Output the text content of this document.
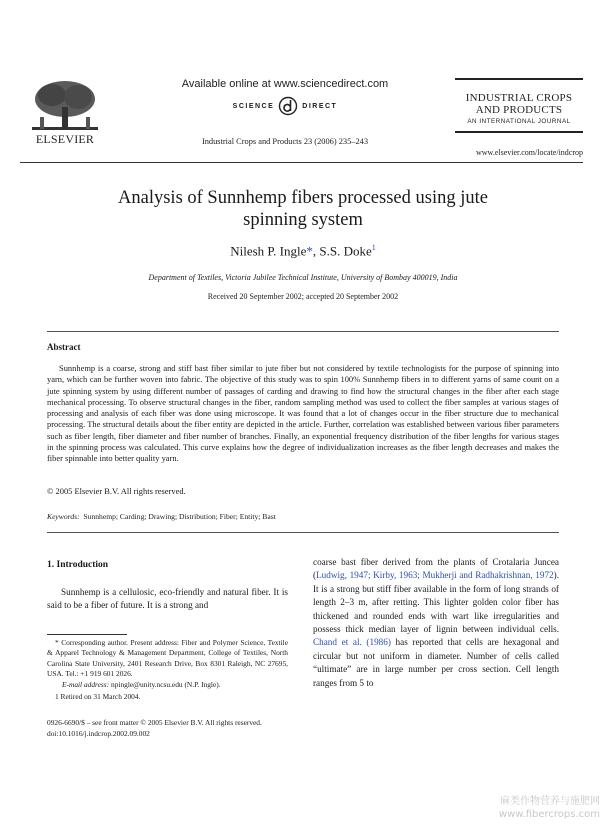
ELSEVIER
Available online at www.sciencedirect.com
SCIENCE	DIRECT
Industrial Crops and Products 23 (2006) 235–243
INDUSTRIAL CROPS
AND PRODUCTS
AN INTERNATIONAL JOURNAL
www.elsevier.com/locate/indcrop
Analysis of Sunnhemp fibers processed using jute
spinning system
Nilesh P. Ingle*, S.S. Doke$^1$
Department of Textiles, Victoria Jubilee Technical Institute, University of Bombay 400019, India
Received 20 September 2002; accepted 20 September 2002
Abstract
Sunnhemp is a coarse, strong and stiff bast fiber similar to jute fiber but not considered by textile technologists for the purpose of spinning into yarn, which can be further woven into fabric. The objective of this study was to spin 100% Sunnhemp fibers in to different yarns of same count on a jute spinning system by using different number of passages of carding and drawing to find how the structural changes in the fiber after each stage mechanical processing. To observe structural changes in the fiber, random sampling method was used to collect the fiber samples at various stages of processing and analysis of each fiber was done using microscope. It was found that a lot of changes occur in the fiber structure due to mechanical processing. The structural details about the fiber entity are depicted in the article. Further, correlation was established between various fiber parameters such as fiber length, fiber diameter and fiber number of branches. Finally, an exponential frequency distribution of the fiber lengths for various stages in the spinning process was calculated. This curve explains how the degree of individualization increases as the fiber length decreases and makes the fiber spinnable into better quality yarn.
© 2005 Elsevier B.V. All rights reserved.
Keywords: Sunnhemp; Carding; Drawing; Distribution; Fiber; Entity; Bast
1. Introduction
Sunnhemp is a cellulosic, eco-friendly and natural fiber. It is said to be a fiber of future. It is a strong and
* Corresponding author. Present address: Fiber and Polymer Science, Textile & Apparel Technology & Management Department, College of Textiles, North Carolina State University, 2401 Research Drive, Box 8301 Raleigh, NC 27695, USA. Tel.: +1 919 601 2026.
E-mail address: npingle@unity.ncsu.edu (N.P. Ingle).
1 Retired on 31 March 2004.
0926-6690/$ – see front matter © 2005 Elsevier B.V. All rights reserved.
doi:10.1016/j.indcrop.2002.09.002
coarse bast fiber derived from the plants of Crotalaria Juncea (Ludwig, 1947; Kirby, 1963; Mukherji and Radhakrishnan, 1972). It is a strong but stiff fiber available in the form of long strands of length 2–3 m, after retting. This lighter golden color fiber has thickened and rounded ends with wart like irregularities and possess thick median layer of lignin between individual cells. Chand et al. (1986) has reported that cells are hexagonal and circular but not uniform in diameter. Number of cells called “ultimate” are in large number per cross section. Cell length ranges from 5 to
麻类作物营养与施肥网
www.fibercrops.com
